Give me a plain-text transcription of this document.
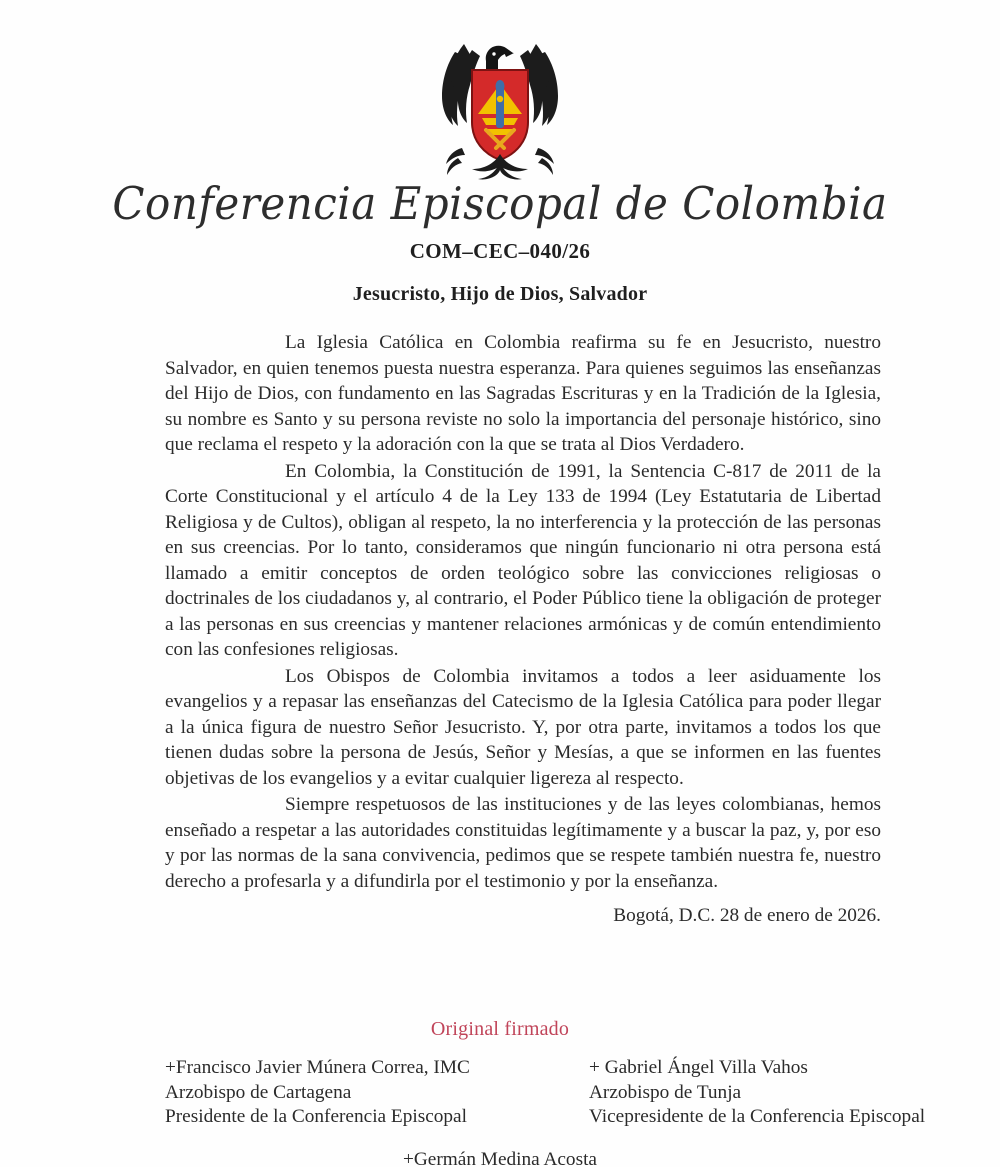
Conferencia Episcopal de Colombia
COM–CEC–040/26
Jesucristo, Hijo de Dios, Salvador

La Iglesia Católica en Colombia reafirma su fe en Jesucristo, nuestro Salvador, en quien tenemos puesta nuestra esperanza. Para quienes seguimos las enseñanzas del Hijo de Dios, con fundamento en las Sagradas Escrituras y en la Tradición de la Iglesia, su nombre es Santo y su persona reviste no solo la importancia del personaje histórico, sino que reclama el respeto y la adoración con la que se trata al Dios Verdadero.

En Colombia, la Constitución de 1991, la Sentencia C-817 de 2011 de la Corte Constitucional y el artículo 4 de la Ley 133 de 1994 (Ley Estatutaria de Libertad Religiosa y de Cultos), obligan al respeto, la no interferencia y la protección de las personas en sus creencias. Por lo tanto, consideramos que ningún funcionario ni otra persona está llamado a emitir conceptos de orden teológico sobre las convicciones religiosas o doctrinales de los ciudadanos y, al contrario, el Poder Público tiene la obligación de proteger a las personas en sus creencias y mantener relaciones armónicas y de común entendimiento con las confesiones religiosas.

Los Obispos de Colombia invitamos a todos a leer asiduamente los evangelios y a repasar las enseñanzas del Catecismo de la Iglesia Católica para poder llegar a la única figura de nuestro Señor Jesucristo. Y, por otra parte, invitamos a todos los que tienen dudas sobre la persona de Jesús, Señor y Mesías, a que se informen en las fuentes objetivas de los evangelios y a evitar cualquier ligereza al respecto.

Siempre respetuosos de las instituciones y de las leyes colombianas, hemos enseñado a respetar a las autoridades constituidas legítimamente y a buscar la paz, y, por eso y por las normas de la sana convivencia, pedimos que se respete también nuestra fe, nuestro derecho a profesarla y a difundirla por el testimonio y por la enseñanza.

Bogotá, D.C. 28 de enero de 2026.
Original firmado
+Francisco Javier Múnera Correa, IMC
Arzobispo de Cartagena
Presidente de la Conferencia Episcopal
+ Gabriel Ángel Villa Vahos
Arzobispo de Tunja
Vicepresidente de la Conferencia Episcopal
+Germán Medina Acosta
